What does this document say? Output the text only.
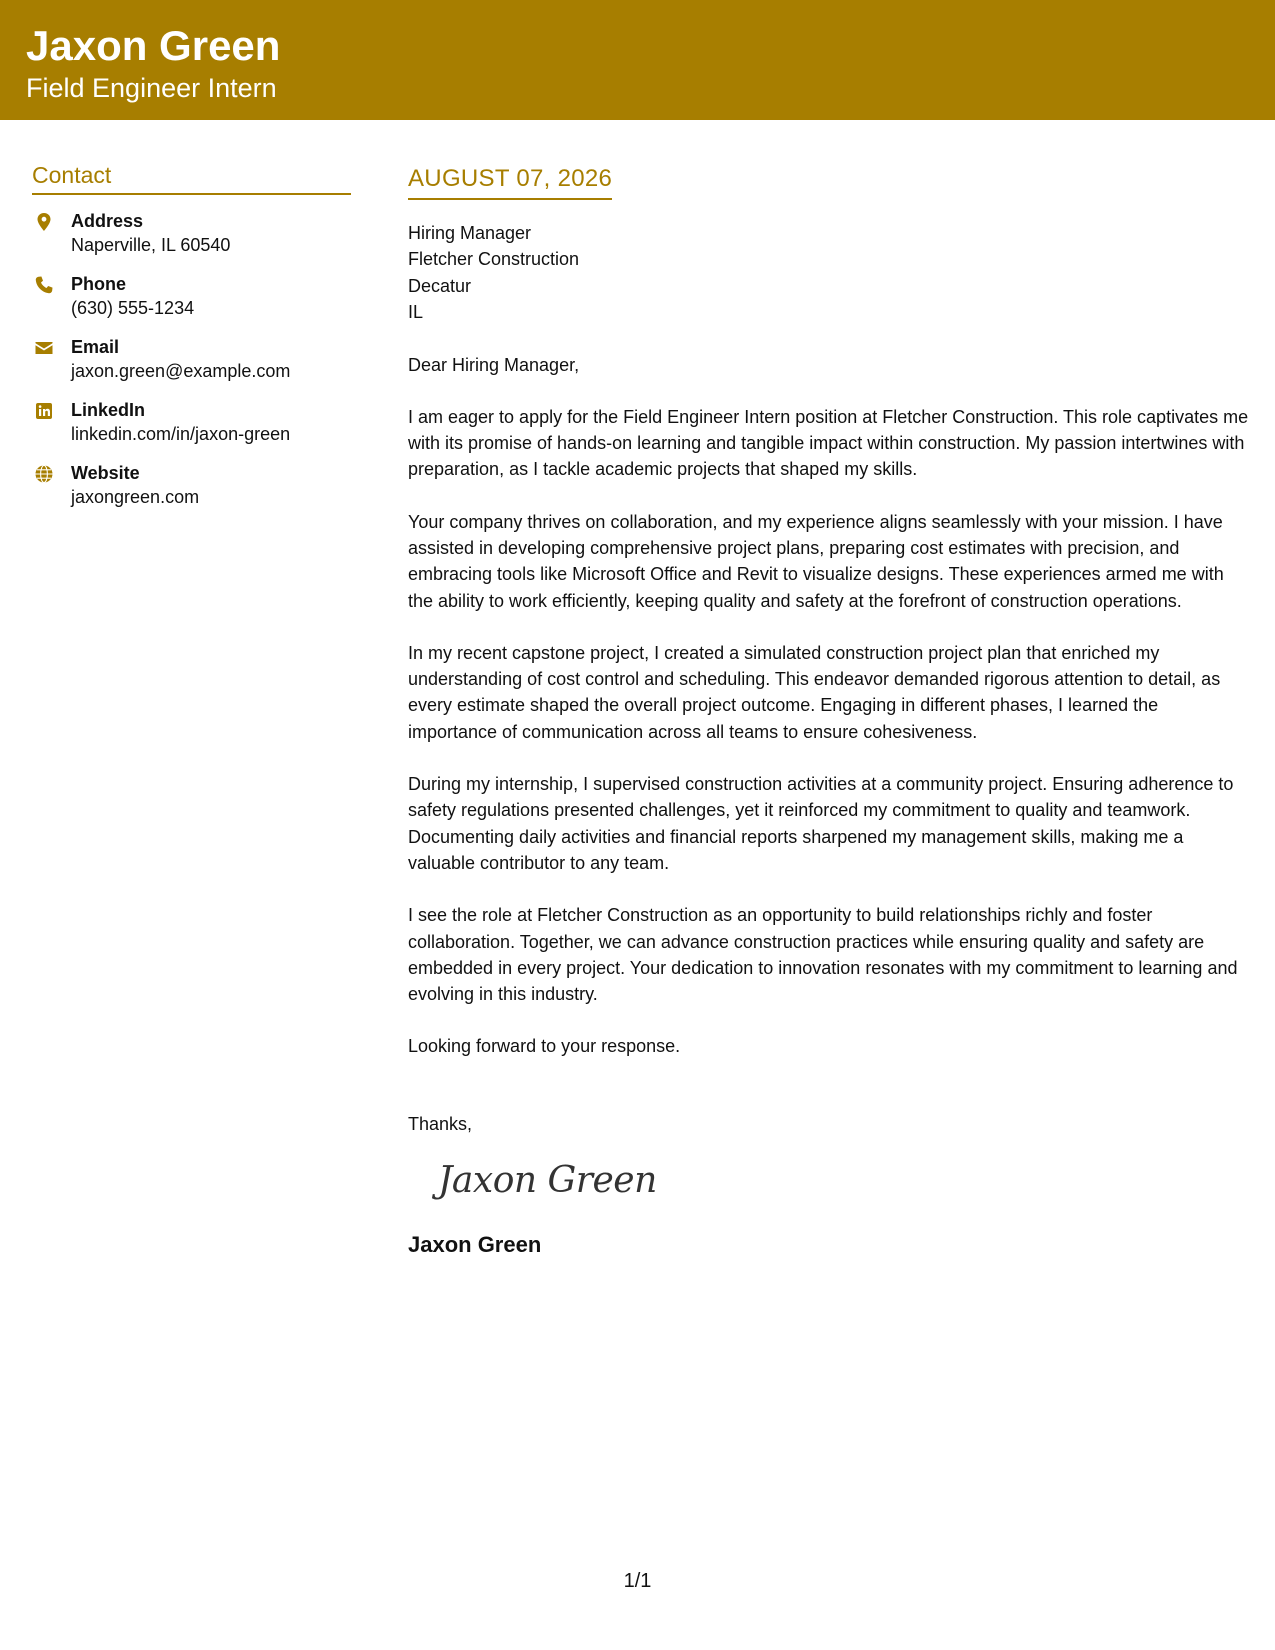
Jaxon Green
Field Engineer Intern
Contact
Address
Naperville, IL 60540
Phone
(630) 555-1234
Email
jaxon.green@example.com
LinkedIn
linkedin.com/in/jaxon-green
Website
jaxongreen.com
AUGUST 07, 2026
Hiring Manager
Fletcher Construction
Decatur
IL
Dear Hiring Manager,
I am eager to apply for the Field Engineer Intern position at Fletcher Construction. This role captivates me with its promise of hands-on learning and tangible impact within construction. My passion intertwines with preparation, as I tackle academic projects that shaped my skills.
Your company thrives on collaboration, and my experience aligns seamlessly with your mission. I have assisted in developing comprehensive project plans, preparing cost estimates with precision, and embracing tools like Microsoft Office and Revit to visualize designs. These experiences armed me with the ability to work efficiently, keeping quality and safety at the forefront of construction operations.
In my recent capstone project, I created a simulated construction project plan that enriched my understanding of cost control and scheduling. This endeavor demanded rigorous attention to detail, as every estimate shaped the overall project outcome. Engaging in different phases, I learned the importance of communication across all teams to ensure cohesiveness.
During my internship, I supervised construction activities at a community project. Ensuring adherence to safety regulations presented challenges, yet it reinforced my commitment to quality and teamwork. Documenting daily activities and financial reports sharpened my management skills, making me a valuable contributor to any team.
I see the role at Fletcher Construction as an opportunity to build relationships richly and foster collaboration. Together, we can advance construction practices while ensuring quality and safety are embedded in every project. Your dedication to innovation resonates with my commitment to learning and evolving in this industry.
Looking forward to your response.
Thanks,
Jaxon Green
Jaxon Green
1/1
